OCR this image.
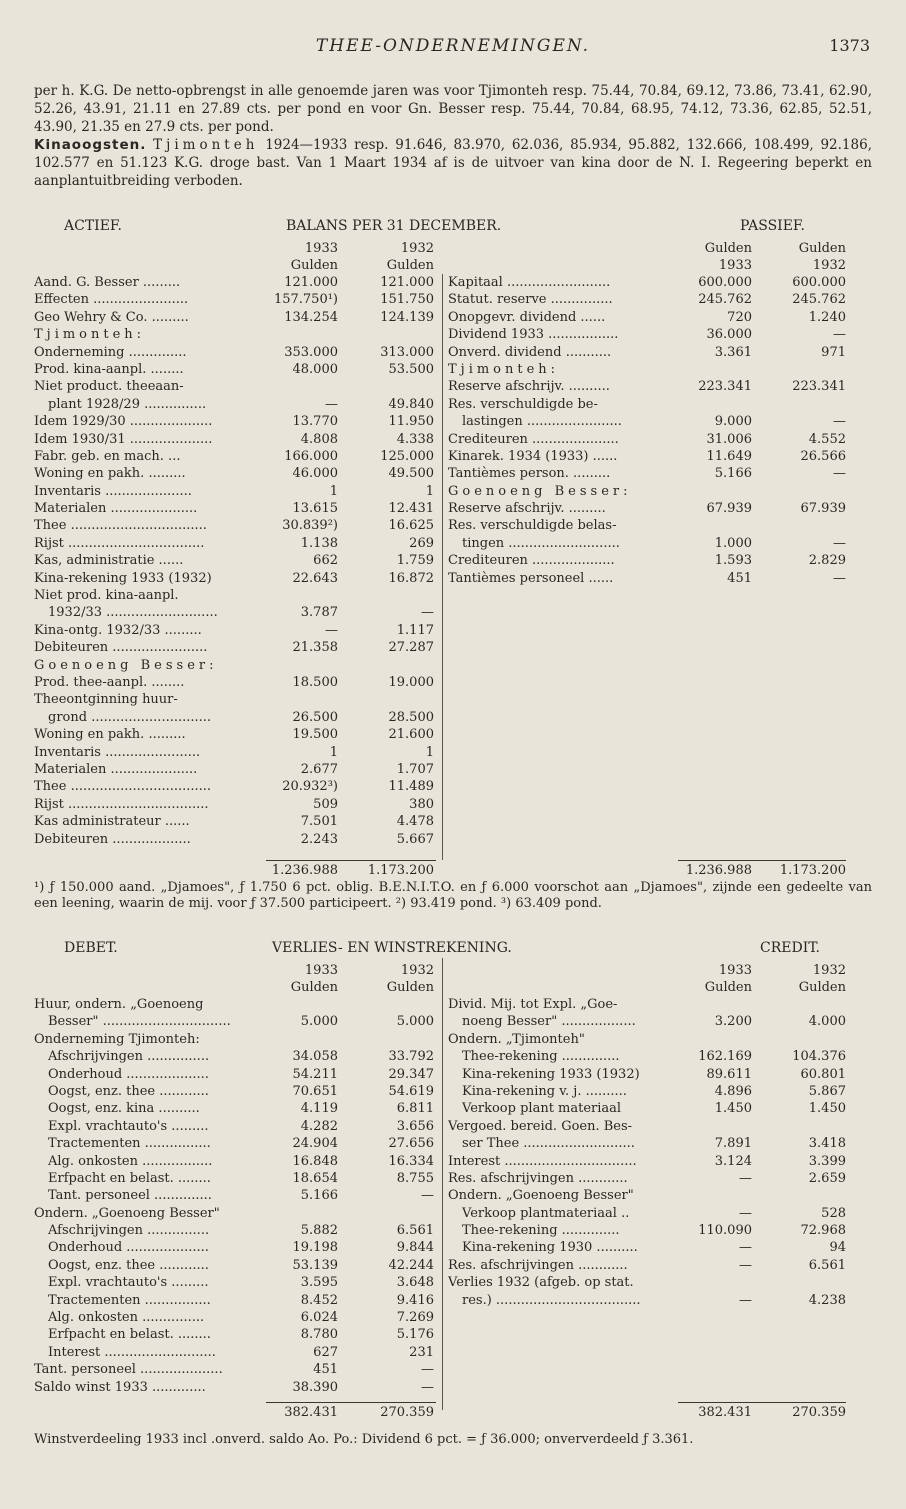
THEE-ONDERNEMINGEN.	1373

per h. K.G. De netto-opbrengst in alle genoemde jaren was voor Tjimonteh resp. 75.44, 70.84, 69.12, 73.86, 73.41, 62.90, 52.26, 43.91, 21.11 en 27.89 cts. per pond en voor Gn. Besser resp. 75.44, 70.84, 68.95, 74.12, 73.36, 62.85, 52.51, 43.90, 21.35 en 27.9 cts. per pond.

Kinaoogsten. Tjimonteh 1924—1933 resp. 91.646, 83.970, 62.036, 85.934, 95.882, 132.666, 108.499, 92.186, 102.577 en 51.123 K.G. droge bast. Van 1 Maart 1934 af is de uitvoer van kina door de N. I. Regeering beperkt en aanplantuitbreiding verboden.

ACTIEF.	BALANS PER 31 DECEMBER.	PASSIEF.
1933	1932
Gulden	Gulden
Gulden	Gulden
1933	1932
Aand. G. Besser .........	121.000	121.000
Effecten .......................	157.750¹)	151.750
Geo Wehry & Co. .........	134.254	124.139
Tjimonteh:
Onderneming ..............	353.000	313.000
Prod. kina-aanpl. ........	48.000	53.500
Niet product. theeaan-
plant 1928/29 ...............	—	49.840
Idem 1929/30 ....................	13.770	11.950
Idem 1930/31 ....................	4.808	4.338
Fabr. geb. en mach. ...	166.000	125.000
Woning en pakh. .........	46.000	49.500
Inventaris .....................	1	1
Materialen .....................	13.615	12.431
Thee .................................	30.839²)	16.625
Rijst .................................	1.138	269
Kas, administratie ......	662	1.759
Kina-rekening 1933 (1932)	22.643	16.872
Niet prod. kina-aanpl.
1932/33 ...........................	3.787	—
Kina-ontg. 1932/33 .........	—	1.117
Debiteuren .......................	21.358	27.287
Goenoeng Besser:
Prod. thee-aanpl. ........	18.500	19.000
Theeontginning huur-
grond .............................	26.500	28.500
Woning en pakh. .........	19.500	21.600
Inventaris .......................	1	1
Materialen .....................	2.677	1.707
Thee ..................................	20.932³)	11.489
Rijst ..................................	509	380
Kas administrateur ......	7.501	4.478
Debiteuren ...................	2.243	5.667
Kapitaal .........................	600.000	600.000
Statut. reserve ...............	245.762	245.762
Onopgevr. dividend ......	720	1.240
Dividend 1933 .................	36.000	—
Onverd. dividend ...........	3.361	971
Tjimonteh:
Reserve afschrijv. ..........	223.341	223.341
Res. verschuldigde be-
lastingen .......................	9.000	—
Crediteuren .....................	31.006	4.552
Kinarek. 1934 (1933) ......	11.649	26.566
Tantièmes person. .........	5.166	—
Goenoeng Besser:
Reserve afschrijv. .........	67.939	67.939
Res. verschuldigde belas-
tingen ...........................	1.000	—
Crediteuren ....................	1.593	2.829
Tantièmes personeel ......	451	—
1.236.988	1.173.200	1.236.988	1.173.200

¹) ƒ 150.000 aand. „Djamoes", ƒ 1.750 6 pct. oblig. B.E.N.I.T.O. en ƒ 6.000 voorschot aan „Djamoes", zijnde een gedeelte van een leening, waarin de mij. voor ƒ 37.500 participeert. ²) 93.419 pond. ³) 63.409 pond.

DEBET.	VERLIES- EN WINSTREKENING.	CREDIT.
1933	1932	1933	1932
Gulden	Gulden	Gulden	Gulden
Huur, ondern. „Goenoeng
Besser" ...............................	5.000	5.000
Onderneming Tjimonteh:
Afschrijvingen ...............	34.058	33.792
Onderhoud ....................	54.211	29.347
Oogst, enz. thee ............	70.651	54.619
Oogst, enz. kina ..........	4.119	6.811
Expl. vrachtauto's .........	4.282	3.656
Tractementen ................	24.904	27.656
Alg. onkosten .................	16.848	16.334
Erfpacht en belast. ........	18.654	8.755
Tant. personeel ..............	5.166	—
Ondern. „Goenoeng Besser"
Afschrijvingen ...............	5.882	6.561
Onderhoud ....................	19.198	9.844
Oogst, enz. thee ............	53.139	42.244
Expl. vrachtauto's .........	3.595	3.648
Tractementen ................	8.452	9.416
Alg. onkosten ...............	6.024	7.269
Erfpacht en belast. ........	8.780	5.176
Interest ...........................	627	231
Tant. personeel ....................	451	—
Saldo winst 1933 .............	38.390	—
Divid. Mij. tot Expl. „Goe-
noeng Besser" ..................	3.200	4.000
Ondern. „Tjimonteh"
Thee-rekening ..............	162.169	104.376
Kina-rekening 1933 (1932)	89.611	60.801
Kina-rekening v. j. ..........	4.896	5.867
Verkoop plant materiaal	1.450	1.450
Vergoed. bereid. Goen. Bes-
ser Thee ...........................	7.891	3.418
Interest ................................	3.124	3.399
Res. afschrijvingen ............	—	2.659
Ondern. „Goenoeng Besser"
Verkoop plantmateriaal ..	—	528
Thee-rekening ..............	110.090	72.968
Kina-rekening 1930 ..........	—	94
Res. afschrijvingen ............	—	6.561
Verlies 1932 (afgeb. op stat.
res.) ...................................	—	4.238
382.431	270.359	382.431	270.359

Winstverdeeling 1933 incl .onverd. saldo Ao. Po.: Dividend 6 pct. = ƒ 36.000; onververdeeld ƒ 3.361.
